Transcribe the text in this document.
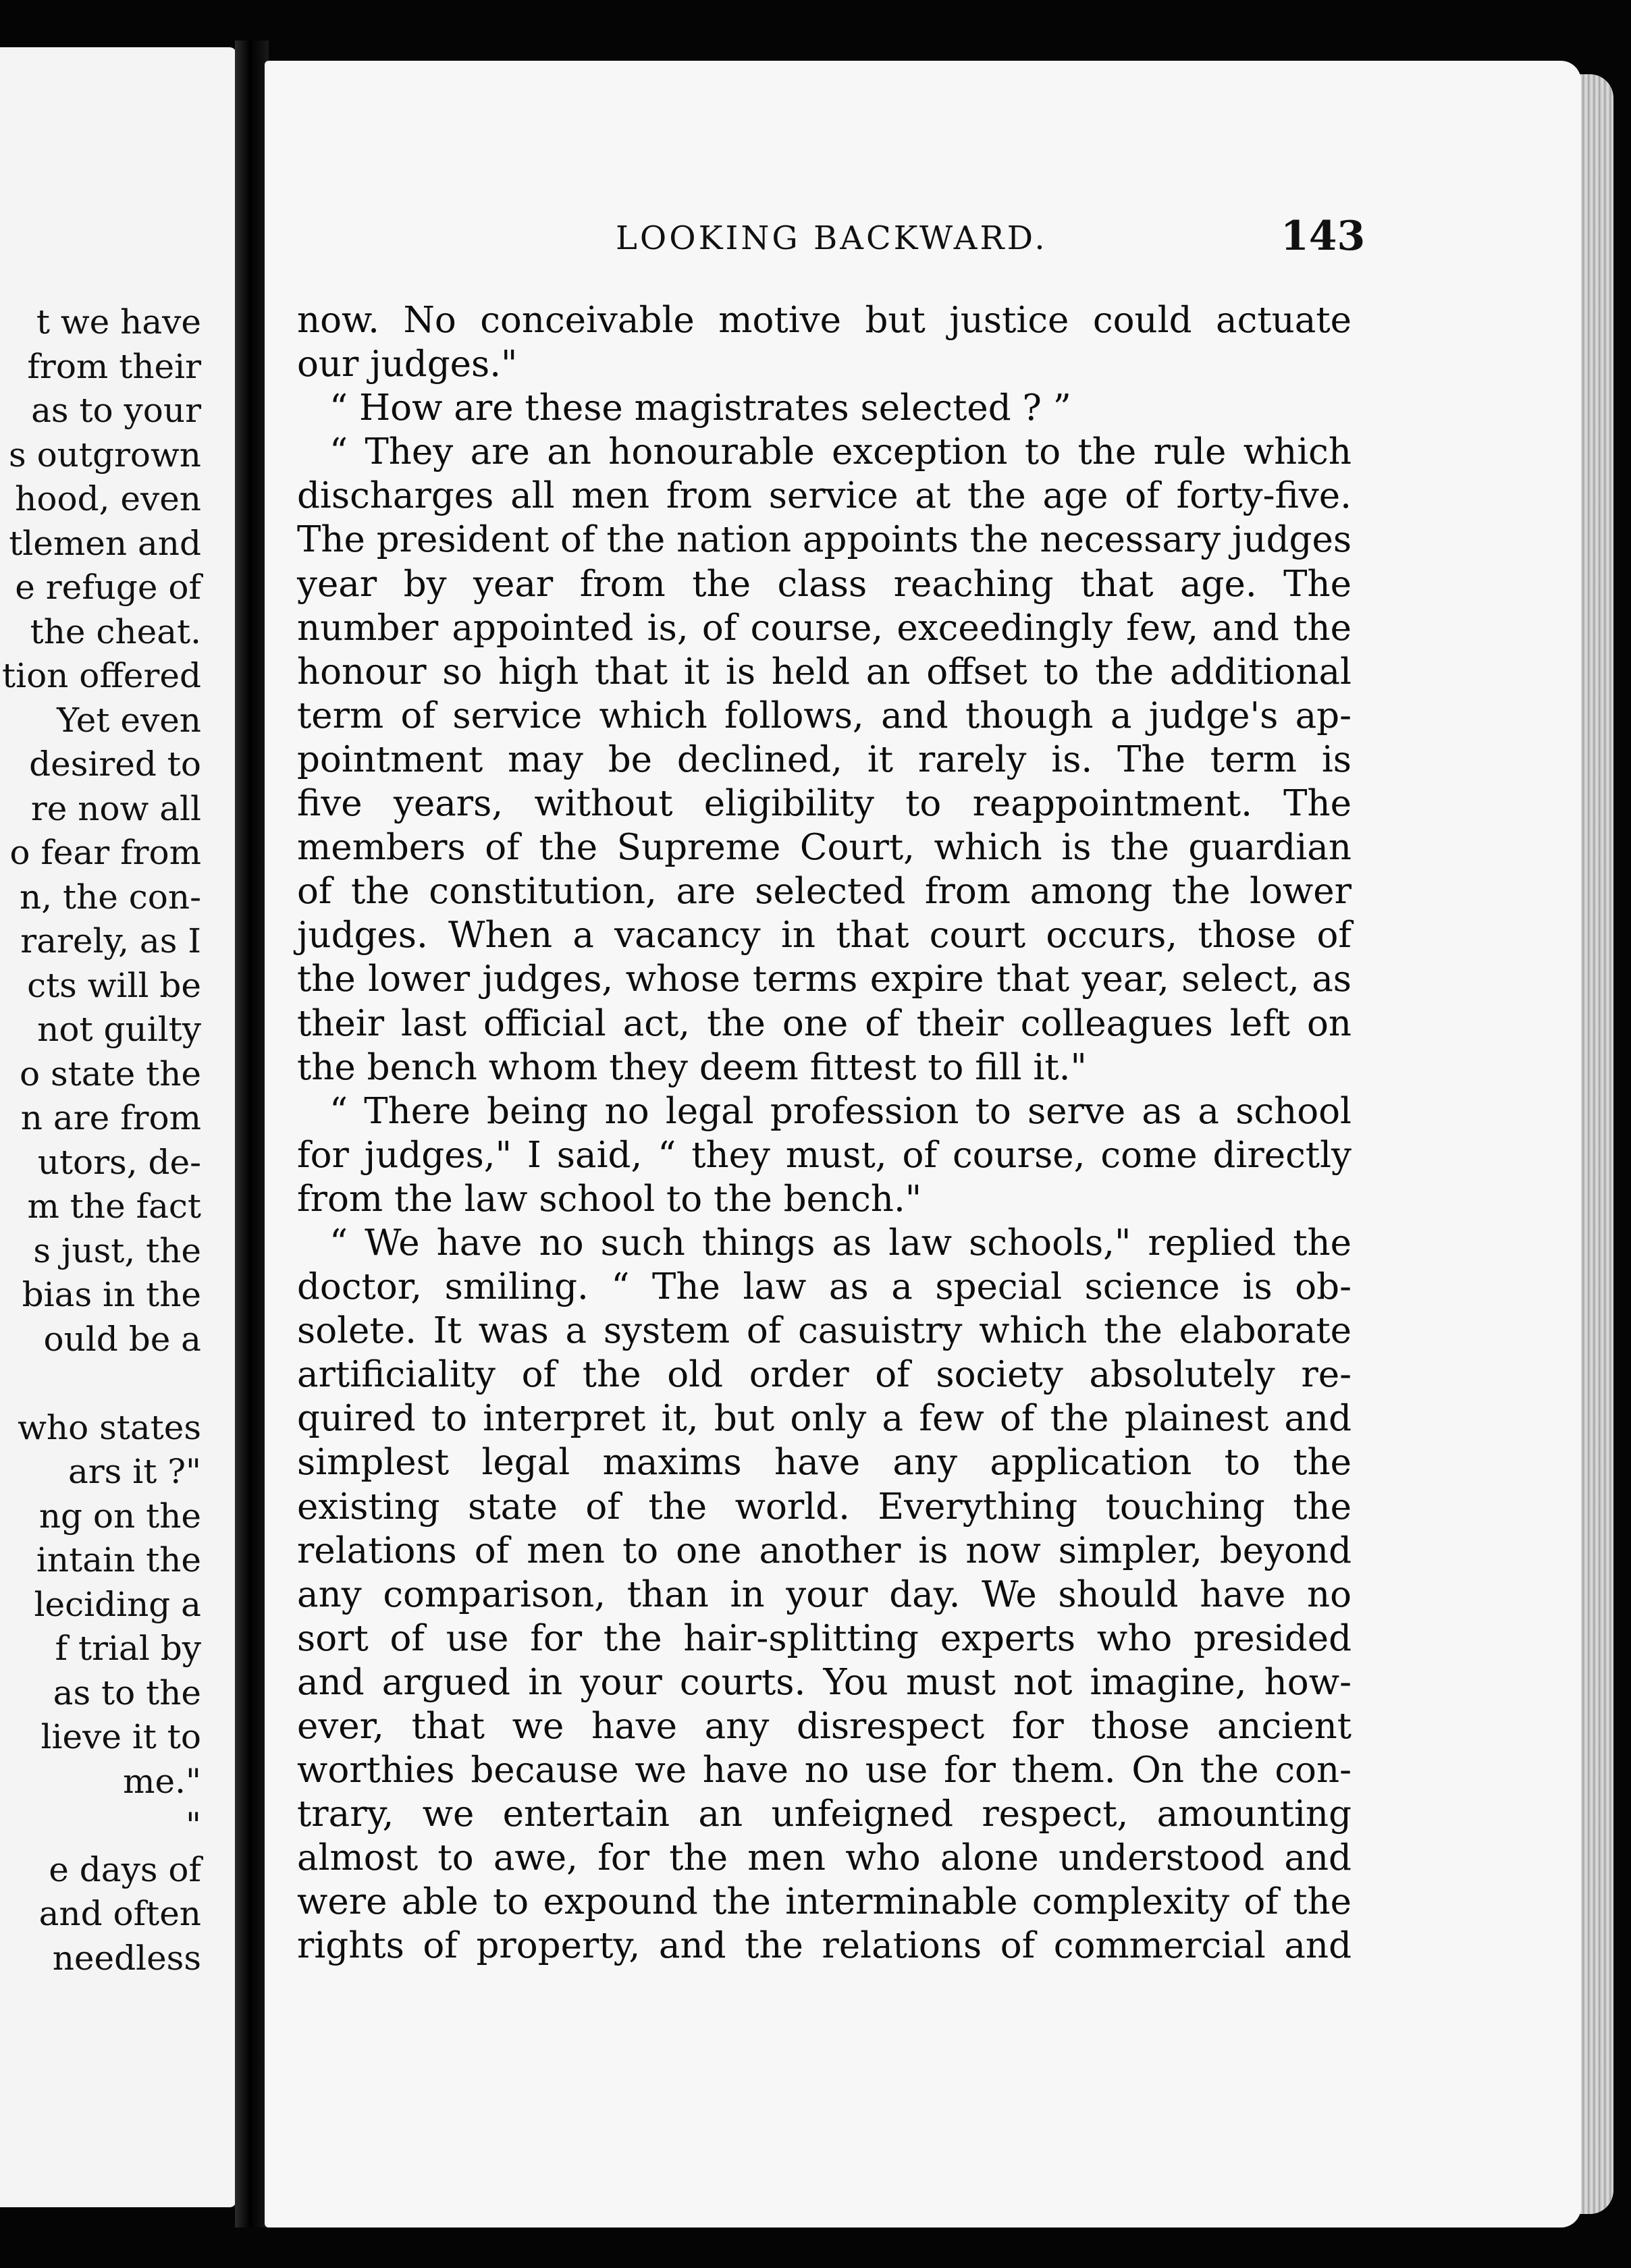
t we have
from their
as to your
s outgrown
hood, even
tlemen and
e refuge of
the cheat.
tion offered
Yet even
desired to
re now all
o fear from
n, the con-
rarely, as I
cts will be
not guilty
o state the
n are from
utors, de-
m the fact
s just, the
bias in the
ould be a
who states
ars it ?"
ng on the
intain the
leciding a
f trial by
as to the
lieve it to
me."
"
e days of
and often
needless
LOOKING BACKWARD.	143
now. No conceivable motive but justice could actuate
our judges."
“ How are these magistrates selected ? ”
“ They are an honourable exception to the rule which
discharges all men from service at the age of forty-five.
The president of the nation appoints the necessary judges
year by year from the class reaching that age. The
number appointed is, of course, exceedingly few, and the
honour so high that it is held an offset to the additional
term of service which follows, and though a judge's ap-
pointment may be declined, it rarely is. The term is
five years, without eligibility to reappointment. The
members of the Supreme Court, which is the guardian
of the constitution, are selected from among the lower
judges. When a vacancy in that court occurs, those of
the lower judges, whose terms expire that year, select, as
their last official act, the one of their colleagues left on
the bench whom they deem fittest to fill it."
“ There being no legal profession to serve as a school
for judges," I said, “ they must, of course, come directly
from the law school to the bench."
“ We have no such things as law schools," replied the
doctor, smiling. “ The law as a special science is ob-
solete. It was a system of casuistry which the elaborate
artificiality of the old order of society absolutely re-
quired to interpret it, but only a few of the plainest and
simplest legal maxims have any application to the
existing state of the world. Everything touching the
relations of men to one another is now simpler, beyond
any comparison, than in your day. We should have no
sort of use for the hair-splitting experts who presided
and argued in your courts. You must not imagine, how-
ever, that we have any disrespect for those ancient
worthies because we have no use for them. On the con-
trary, we entertain an unfeigned respect, amounting
almost to awe, for the men who alone understood and
were able to expound the interminable complexity of the
rights of property, and the relations of commercial and
